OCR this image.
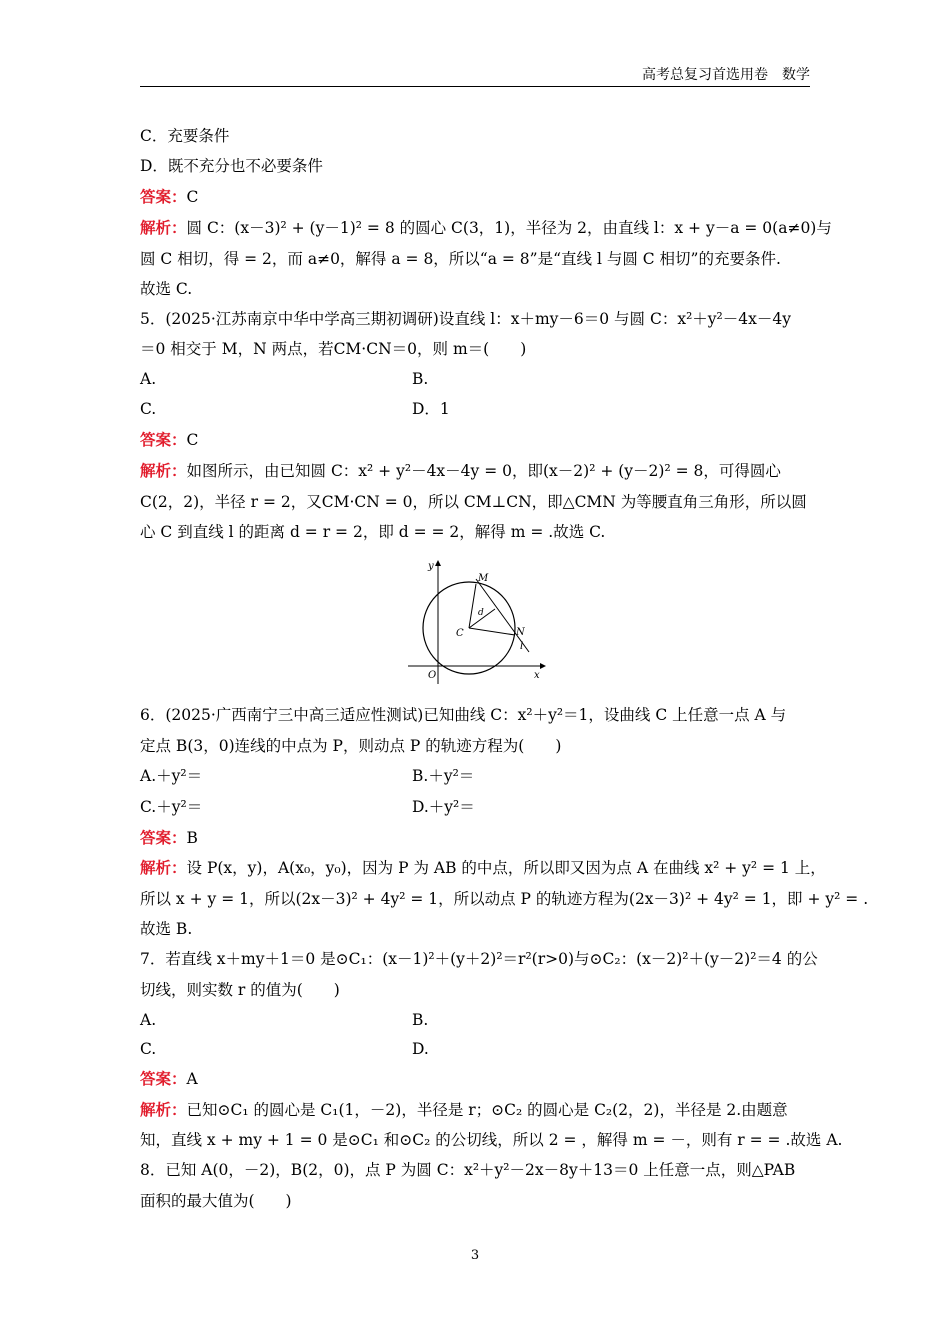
高考总复习首选用卷　数学
C．充要条件
D．既不充分也不必要条件
答案：C
解析：圆 C：(x－3)² + (y－1)² = 8 的圆心 C(3，1)，半径为 2，由直线 l：x + y－a = 0(a≠0)与
圆 C 相切，得 = 2，而 a≠0，解得 a = 8，所以“a = 8”是“直线 l 与圆 C 相切”的充要条件.
故选 C.
5．(2025·江苏南京中华中学高三期初调研)设直线 l：x＋my－6＝0 与圆 C：x²＋y²－4x－4y
＝0 相交于 M，N 两点，若CM·CN＝0，则 m＝(　　)
A.	B.
C.	D．1
答案：C
解析：如图所示，由已知圆 C：x² + y²－4x－4y = 0，即(x－2)² + (y－2)² = 8，可得圆心
C(2，2)，半径 r = 2，又CM·CN = 0，所以 CM⊥CN，即△CMN 为等腰直角三角形，所以圆
心 C 到直线 l 的距离 d = r = 2，即 d = = 2，解得 m = .故选 C.
y
x
O
M
N
C
d
l
6．(2025·广西南宁三中高三适应性测试)已知曲线 C：x²＋y²＝1，设曲线 C 上任意一点 A 与
定点 B(3，0)连线的中点为 P，则动点 P 的轨迹方程为(　　)
A.＋y²＝	B.＋y²＝
C.＋y²＝	D.＋y²＝
答案：B
解析：设 P(x，y)，A(x₀，y₀)，因为 P 为 AB 的中点，所以即又因为点 A 在曲线 x² + y² = 1 上，
所以 x + y = 1，所以(2x－3)² + 4y² = 1，所以动点 P 的轨迹方程为(2x－3)² + 4y² = 1，即 + y² = .
故选 B.
7．若直线 x＋my＋1＝0 是⊙C₁：(x－1)²＋(y＋2)²＝r²(r>0)与⊙C₂：(x－2)²＋(y－2)²＝4 的公
切线，则实数 r 的值为(　　)
A.	B.
C.	D.
答案：A
解析：已知⊙C₁ 的圆心是 C₁(1，－2)，半径是 r；⊙C₂ 的圆心是 C₂(2，2)，半径是 2.由题意
知，直线 x + my + 1 = 0 是⊙C₁ 和⊙C₂ 的公切线，所以 2 = ，解得 m = －，则有 r = = .故选 A.
8．已知 A(0，－2)，B(2，0)，点 P 为圆 C：x²＋y²－2x－8y＋13＝0 上任意一点，则△PAB
面积的最大值为(　　)
3
